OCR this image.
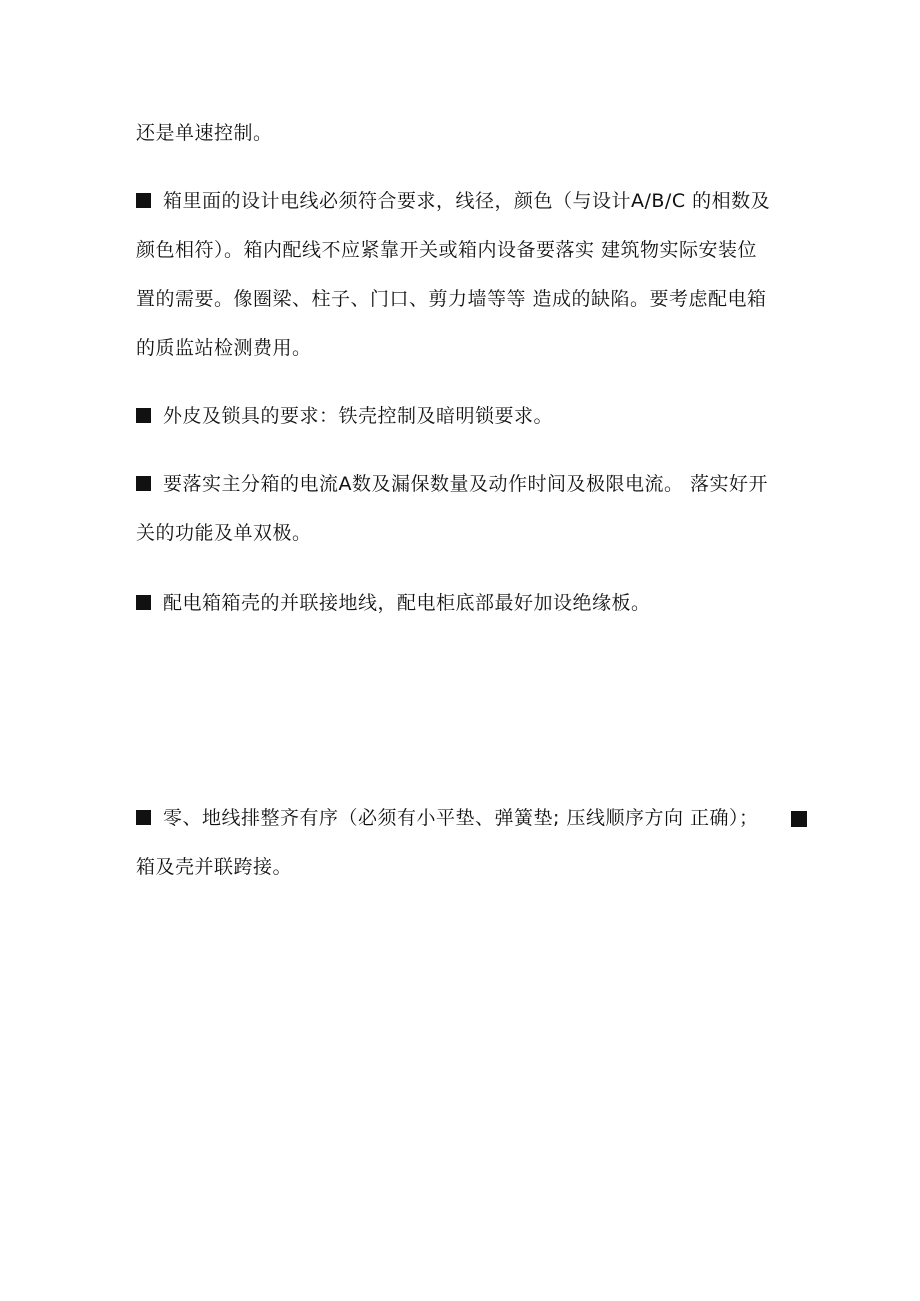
还是单速控制。

箱里面的设计电线必须符合要求，线径，颜色（与设计A/B/C 的相数及

颜色相符）。箱内配线不应紧靠开关或箱内设备要落实 建筑物实际安装位

置的需要。像圈梁、柱子、门口、剪力墙等等 造成的缺陷。要考虑配电箱

的质监站检测费用。

外皮及锁具的要求：铁壳控制及暗明锁要求。

要落实主分箱的电流A数及漏保数量及动作时间及极限电流。 落实好开

关的功能及单双极。

配电箱箱壳的并联接地线，配电柜底部最好加设绝缘板。

零、地线排整齐有序（必须有小平垫、弹簧垫; 压线顺序方向 正确）；

箱及壳并联跨接。
